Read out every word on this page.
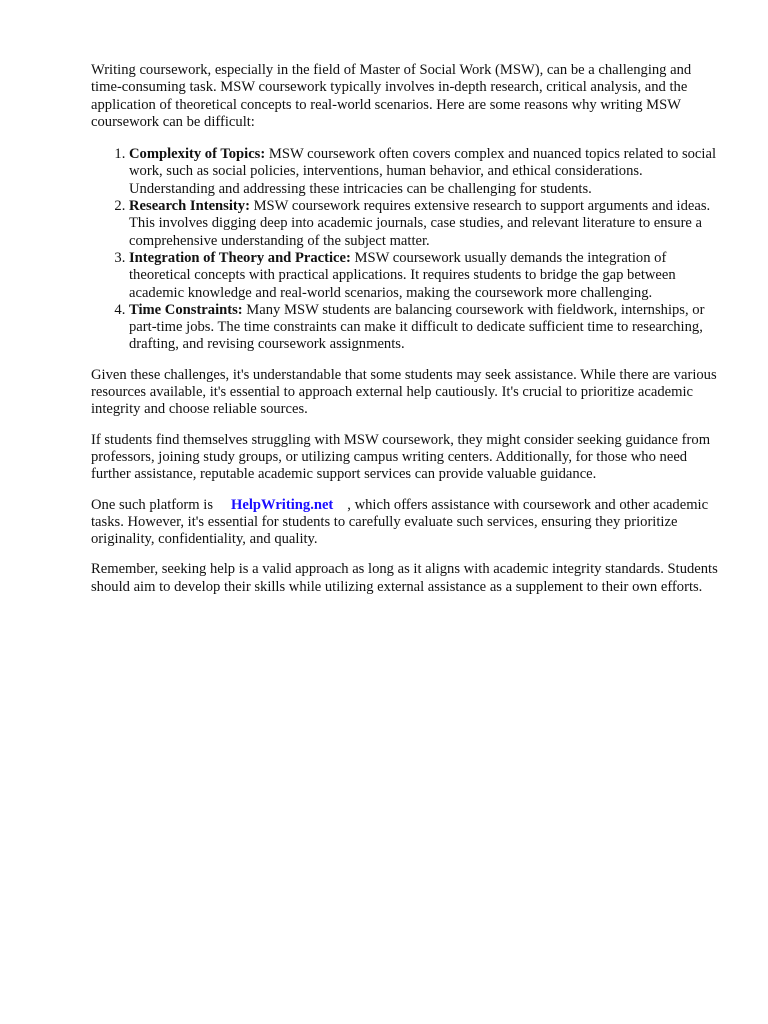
Writing coursework, especially in the field of Master of Social Work (MSW), can be a challenging and time-consuming task. MSW coursework typically involves in-depth research, critical analysis, and the application of theoretical concepts to real-world scenarios. Here are some reasons why writing MSW coursework can be difficult:

1. Complexity of Topics: MSW coursework often covers complex and nuanced topics related to social work, such as social policies, interventions, human behavior, and ethical considerations. Understanding and addressing these intricacies can be challenging for students.
2. Research Intensity: MSW coursework requires extensive research to support arguments and ideas. This involves digging deep into academic journals, case studies, and relevant literature to ensure a comprehensive understanding of the subject matter.
3. Integration of Theory and Practice: MSW coursework usually demands the integration of theoretical concepts with practical applications. It requires students to bridge the gap between academic knowledge and real-world scenarios, making the coursework more challenging.
4. Time Constraints: Many MSW students are balancing coursework with fieldwork, internships, or part-time jobs. The time constraints can make it difficult to dedicate sufficient time to researching, drafting, and revising coursework assignments.

Given these challenges, it's understandable that some students may seek assistance. While there are various resources available, it's essential to approach external help cautiously. It's crucial to prioritize academic integrity and choose reliable sources.

If students find themselves struggling with MSW coursework, they might consider seeking guidance from professors, joining study groups, or utilizing campus writing centers. Additionally, for those who need further assistance, reputable academic support services can provide valuable guidance.

One such platform is HelpWriting.net , which offers assistance with coursework and other academic tasks. However, it's essential for students to carefully evaluate such services, ensuring they prioritize originality, confidentiality, and quality.

Remember, seeking help is a valid approach as long as it aligns with academic integrity standards. Students should aim to develop their skills while utilizing external assistance as a supplement to their own efforts.
